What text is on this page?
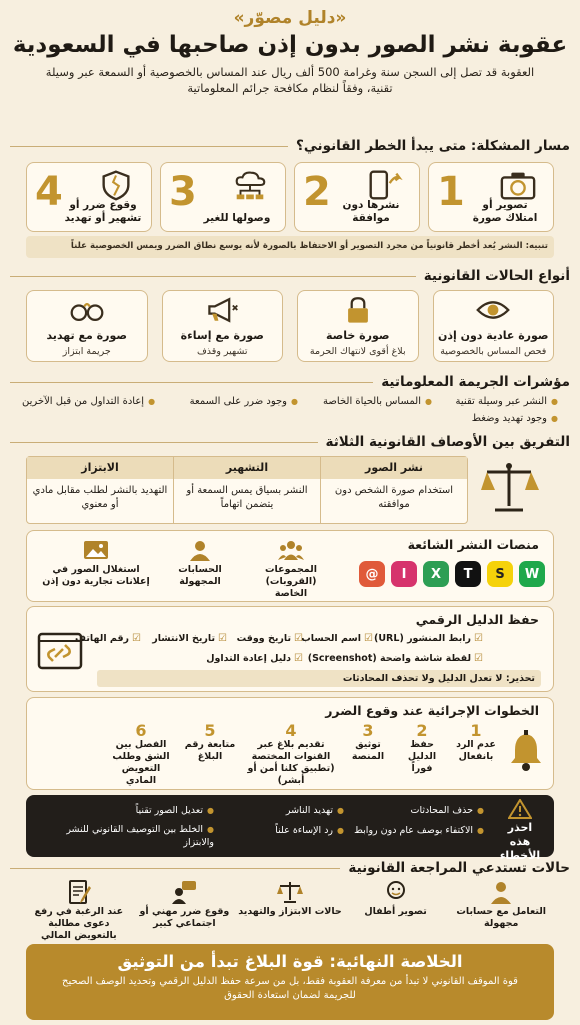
«دليل مصوّر»
عقوبة نشر الصور بدون إذن صاحبها في السعودية
العقوبة قد تصل إلى السجن سنة وغرامة 500 ألف ريال عند المساس بالخصوصية أو السمعة عبر وسيلة تقنية، وفقاً لنظام مكافحة جرائم المعلوماتية
مسار المشكلة: متى يبدأ الخطر القانوني؟
1	تصوير أو امتلاك صورة
2	نشرها دون موافقة
3
وصولها للغير
4 وقوع ضرر أو تشهير أو تهديد
تنبيه: النشر يُعد أخطر قانونياً من مجرد التصوير أو الاحتفاظ بالصورة لأنه يوسع نطاق الضرر ويمس الخصوصية علناً
أنواع الحالات القانونية
صورة عادية دون إذن
فحص المساس بالخصوصية
صورة خاصة
بلاغ أقوى لانتهاك الحرمة
صورة مع إساءة
تشهير وقذف
صورة مع تهديد
جريمة ابتزاز
مؤشرات الجريمة المعلوماتية
● النشر عبر وسيلة تقنية
● المساس بالحياة الخاصة
● وجود ضرر على السمعة
● إعادة التداول من قبل الآخرين
● وجود تهديد وضغط
التفريق بين الأوصاف القانونية الثلاثة
نشر الصور
استخدام صورة الشخص دون موافقته
التشهير
النشر بسياق يمس السمعة أو يتضمن اتهاماً
الابتزاز
التهديد بالنشر لطلب مقابل مادي أو معنوي
منصات النشر الشائعة
W
S
T
X
I
@
المجموعات (القروبات) الخاصة
الحسابات المجهولة
استغلال الصور في إعلانات تجارية دون إذن
حفظ الدليل الرقمي
☑ رابط المنشور (URL)
☑ اسم الحساب
☑ تاريخ ووقت
☑ تاريخ الانتشار
☑ رقم الهاتف
☑ لقطة شاشة واضحة (Screenshot)
☑ دليل إعادة التداول
تحذير: لا تعدل الدليل ولا تحذف المحادثات
الخطوات الإجرائية عند وقوع الضرر
1
عدم الرد بانفعال
2
حفظ الدليل فوراً
3
توثيق المنصة
4
تقديم بلاغ عبر القنوات المختصة (تطبيق كلنا أمن أو أبشر)
5
متابعة رقم البلاغ
6
الفصل بين الشق وطلب التعويض المادي
احذر هذه الأخطاء
● حذف المحادثات
● تهديد الناشر
● تعديل الصور تقنياً
● الاكتفاء بوصف عام دون روابط
● رد الإساءة علناً
● الخلط بين التوصيف القانوني للنشر والابتزاز
حالات تستدعي المراجعة القانونية
التعامل مع حسابات مجهولة
تصوير أطفال
حالات الابتزاز والتهديد
وقوع ضرر مهني أو اجتماعي كبير
عند الرغبة في رفع دعوى مطالبة بالتعويض المالي
الخلاصة النهائية: قوة البلاغ تبدأ من التوثيق
قوة الموقف القانوني لا تبدأ من معرفة العقوبة فقط، بل من سرعة حفظ الدليل الرقمي وتحديد الوصف الصحيح للجريمة لضمان استعادة الحقوق
